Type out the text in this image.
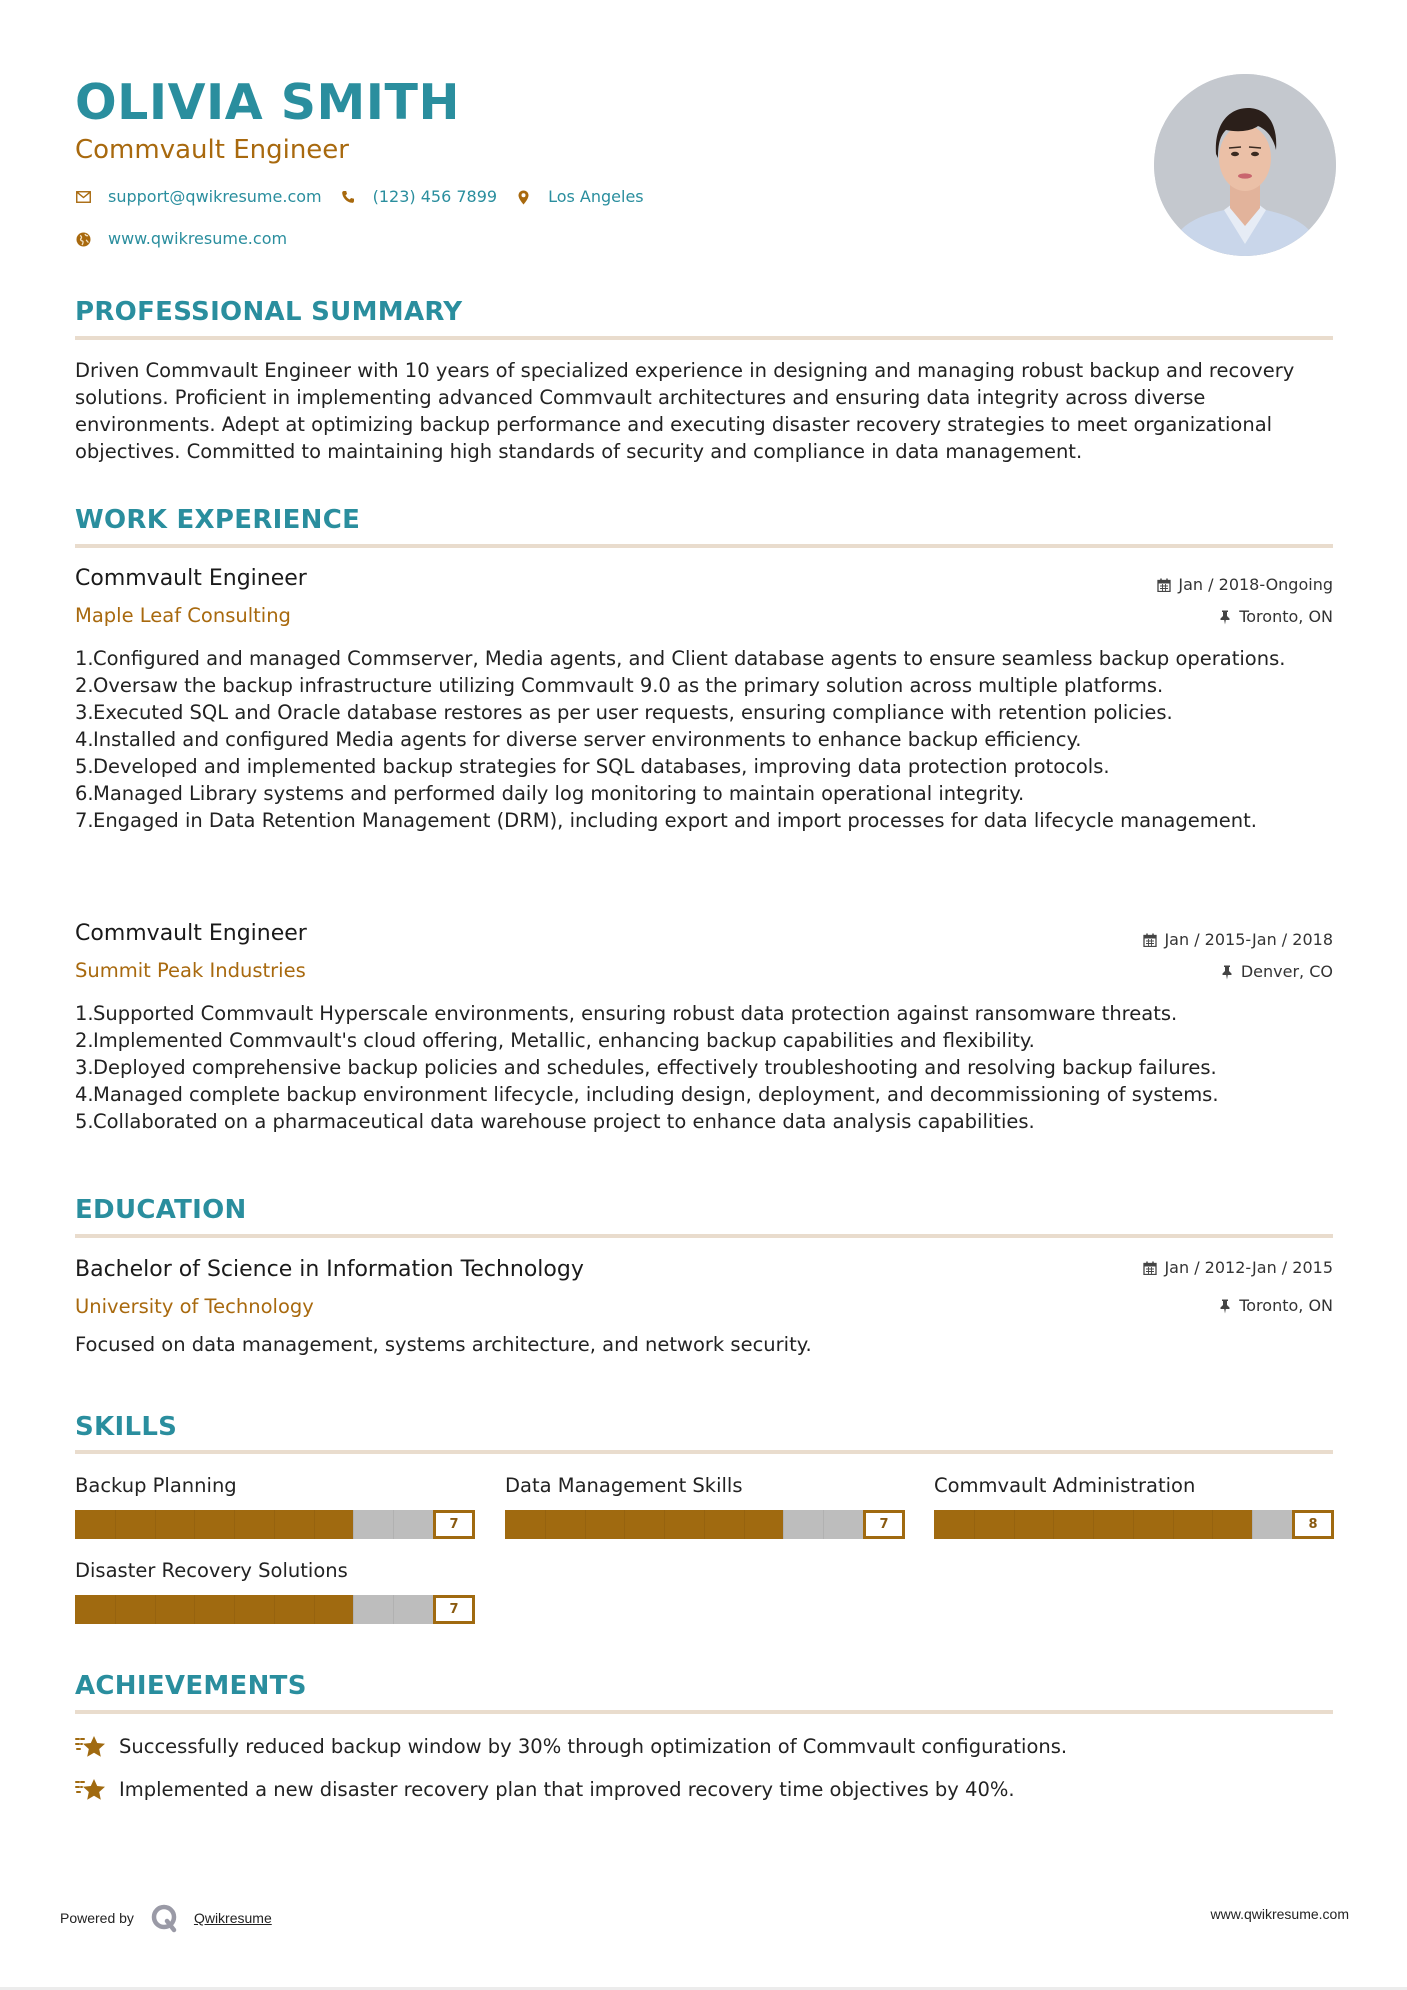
OLIVIA SMITH
Commvault Engineer
support@qwikresume.com	(123) 456 7899	Los Angeles
www.qwikresume.com
PROFESSIONAL SUMMARY
Driven Commvault Engineer with 10 years of specialized experience in designing and managing robust backup and recovery solutions. Proficient in implementing advanced Commvault architectures and ensuring data integrity across diverse environments. Adept at optimizing backup performance and executing disaster recovery strategies to meet organizational objectives. Committed to maintaining high standards of security and compliance in data management.
WORK EXPERIENCE
Commvault Engineer
Maple Leaf Consulting
Jan / 2018-Ongoing
Toronto, ON
1. Configured and managed Commserver, Media agents, and Client database agents to ensure seamless backup operations.
2. Oversaw the backup infrastructure utilizing Commvault 9.0 as the primary solution across multiple platforms.
3. Executed SQL and Oracle database restores as per user requests, ensuring compliance with retention policies.
4. Installed and configured Media agents for diverse server environments to enhance backup efficiency.
5. Developed and implemented backup strategies for SQL databases, improving data protection protocols.
6. Managed Library systems and performed daily log monitoring to maintain operational integrity.
7. Engaged in Data Retention Management (DRM), including export and import processes for data lifecycle management.
Commvault Engineer
Summit Peak Industries
Jan / 2015-Jan / 2018
Denver, CO
1. Supported Commvault Hyperscale environments, ensuring robust data protection against ransomware threats.
2. Implemented Commvault's cloud offering, Metallic, enhancing backup capabilities and flexibility.
3. Deployed comprehensive backup policies and schedules, effectively troubleshooting and resolving backup failures.
4. Managed complete backup environment lifecycle, including design, deployment, and decommissioning of systems.
5. Collaborated on a pharmaceutical data warehouse project to enhance data analysis capabilities.
EDUCATION
Bachelor of Science in Information Technology
University of Technology
Jan / 2012-Jan / 2015
Toronto, ON
Focused on data management, systems architecture, and network security.
SKILLS
Backup Planning
7
Data Management Skills
7
Commvault Administration
8
Disaster Recovery Solutions
7
ACHIEVEMENTS
Successfully reduced backup window by 30% through optimization of Commvault configurations.
Implemented a new disaster recovery plan that improved recovery time objectives by 40%.
Powered by	Qwikresume	www.qwikresume.com
